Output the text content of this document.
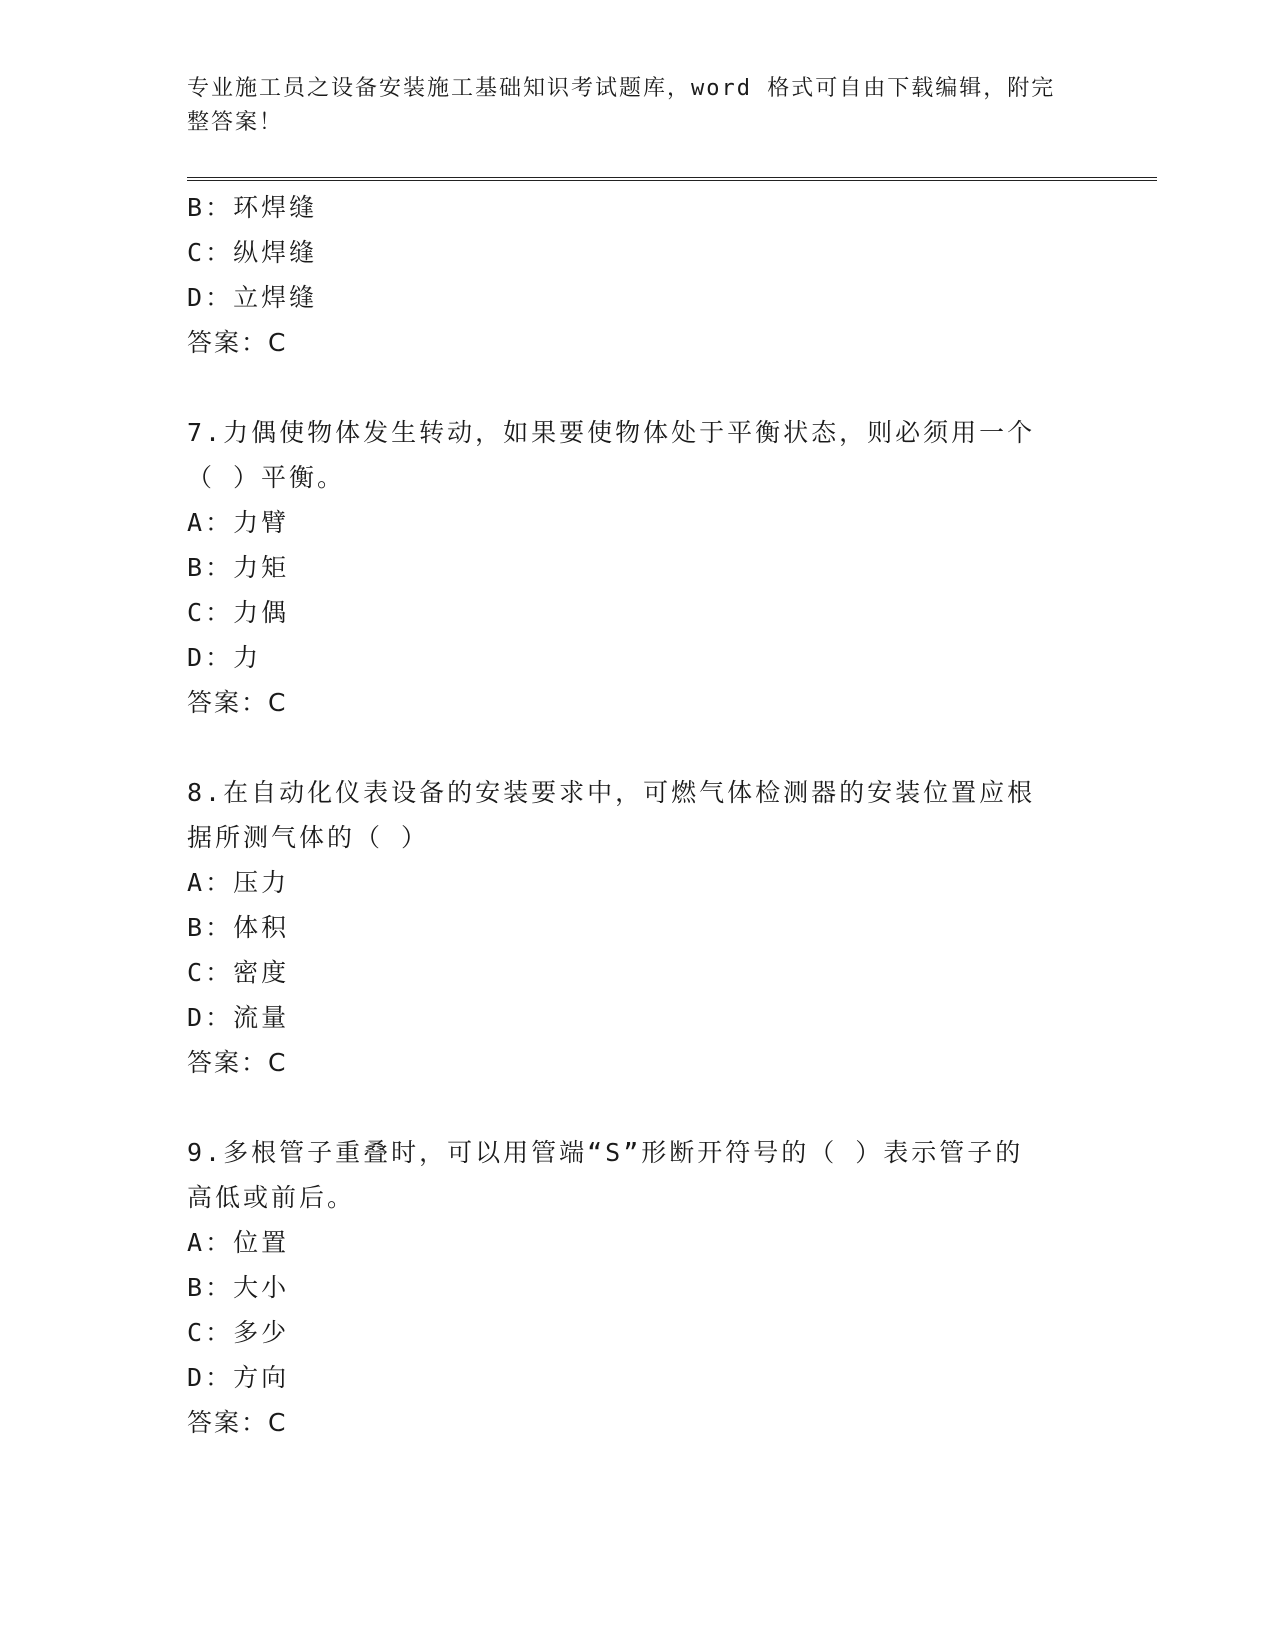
专业施工员之设备安装施工基础知识考试题库，word 格式可自由下载编辑，附完
整答案！
B：环焊缝
C：纵焊缝
D：立焊缝
答案：C
7.力偶使物体发生转动，如果要使物体处于平衡状态，则必须用一个
（ ）平衡。
A：力臂
B：力矩
C：力偶
D：力
答案：C
8.在自动化仪表设备的安装要求中，可燃气体检测器的安装位置应根
据所测气体的（ ）
A：压力
B：体积
C：密度
D：流量
答案：C
9.多根管子重叠时，可以用管端“S”形断开符号的（ ）表示管子的
高低或前后。
A：位置
B：大小
C：多少
D：方向
答案：C
